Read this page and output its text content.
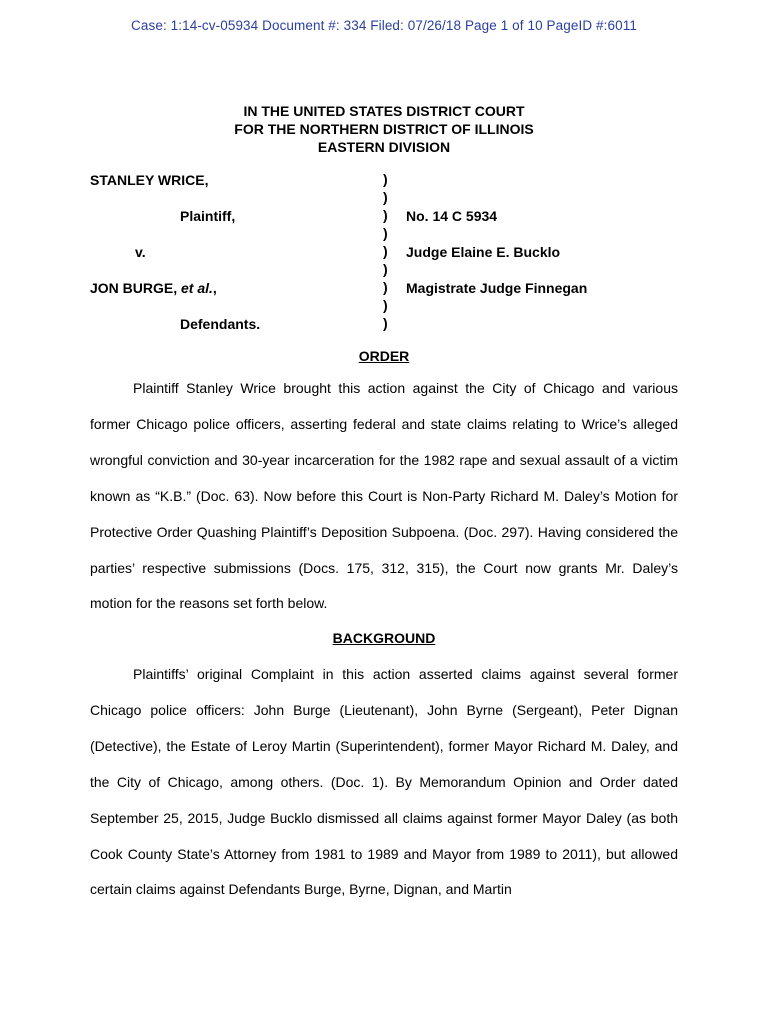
Case: 1:14-cv-05934 Document #: 334 Filed: 07/26/18 Page 1 of 10 PageID #:6011
IN THE UNITED STATES DISTRICT COURT
FOR THE NORTHERN DISTRICT OF ILLINOIS
EASTERN DIVISION
STANLEY WRICE,
Plaintiff,
v.
JON BURGE, et al.,
Defendants.
)
)
)
)
)
)
)
)
)
No. 14 C 5934
Judge Elaine E. Bucklo
Magistrate Judge Finnegan
ORDER

Plaintiff Stanley Wrice brought this action against the City of Chicago and various former Chicago police officers, asserting federal and state claims relating to Wrice’s alleged wrongful conviction and 30-year incarceration for the 1982 rape and sexual assault of a victim known as “K.B.” (Doc. 63). Now before this Court is Non-Party Richard M. Daley’s Motion for Protective Order Quashing Plaintiff’s Deposition Subpoena. (Doc. 297). Having considered the parties’ respective submissions (Docs. 175, 312, 315), the Court now grants Mr. Daley’s motion for the reasons set forth below.

BACKGROUND

Plaintiffs’ original Complaint in this action asserted claims against several former Chicago police officers: John Burge (Lieutenant), John Byrne (Sergeant), Peter Dignan (Detective), the Estate of Leroy Martin (Superintendent), former Mayor Richard M. Daley, and the City of Chicago, among others. (Doc. 1). By Memorandum Opinion and Order dated September 25, 2015, Judge Bucklo dismissed all claims against former Mayor Daley (as both Cook County State’s Attorney from 1981 to 1989 and Mayor from 1989 to 2011), but allowed certain claims against Defendants Burge, Byrne, Dignan, and Martin
